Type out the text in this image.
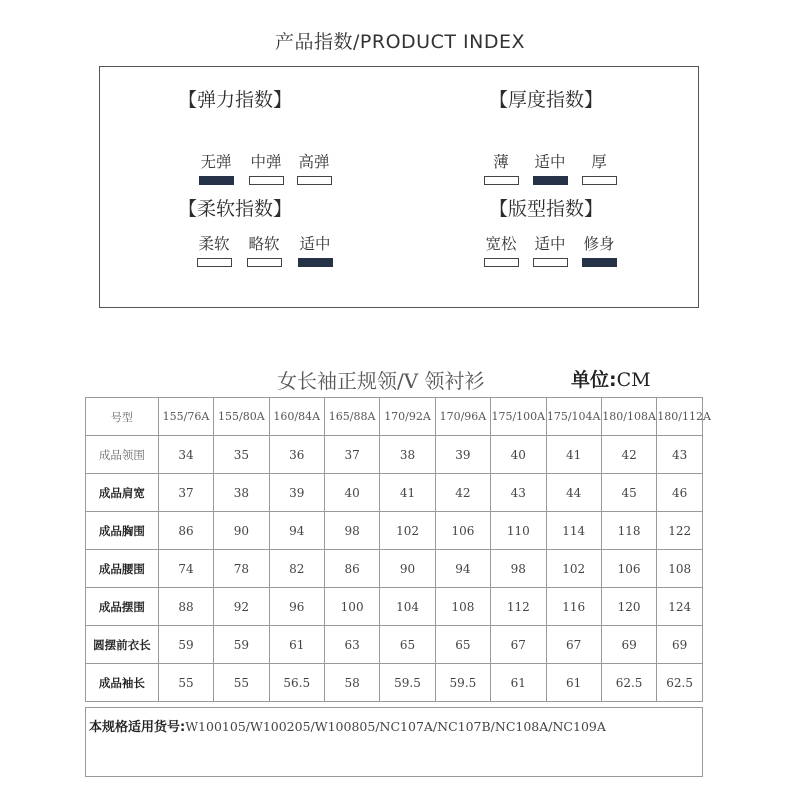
产品指数/PRODUCT INDEX
【弹力指数】
无弹 中弹 高弹
【厚度指数】
薄	适中	厚
【柔软指数】
柔软 略软 适中
【版型指数】
宽松 适中 修身
女长袖正规领/V 领衬衫	单位:CM
号型	155/76A	155/80A	160/84A	165/88A	170/92A	170/96A	175/100A	175/104A	180/108A	180/112A
成品领围	34	35	36	37	38	39	40	41	42	43
成品肩宽	37	38	39	40	41	42	43	44	45	46
成品胸围	86	90	94	98	102	106	110	114	118	122
成品腰围	74	78	82	86	90	94	98	102	106	108
成品摆围	88	92	96	100	104	108	112	116	120	124
圆摆前衣长	59	59	61	63	65	65	67	67	69	69
成品袖长	55	55	56.5	58	59.5	59.5	61	61	62.5	62.5
本规格适用货号:W100105/W100205/W100805/NC107A/NC107B/NC108A/NC109A
